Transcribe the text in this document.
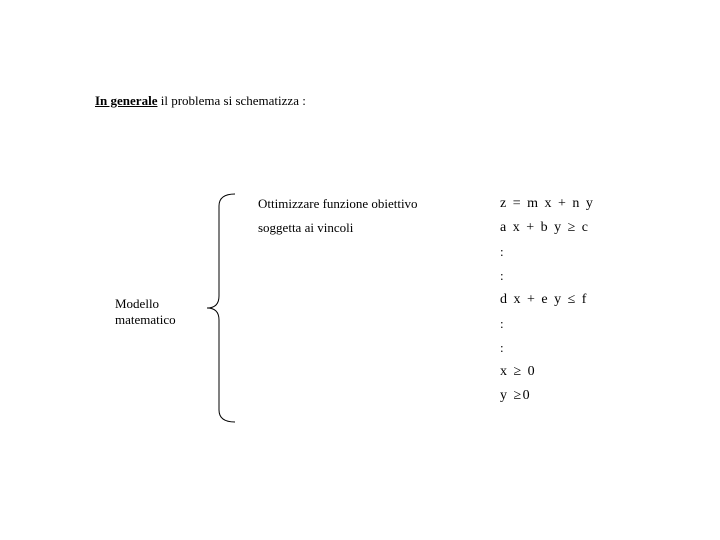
In generale il problema si schematizza :
Modello
matematico
Ottimizzare funzione obiettivo	z = m x + n y
soggetta ai vincoli	a x + b y ≥ c
:
:
d x + e y ≤ f
:
:
x ≥ 0
y ≥0
